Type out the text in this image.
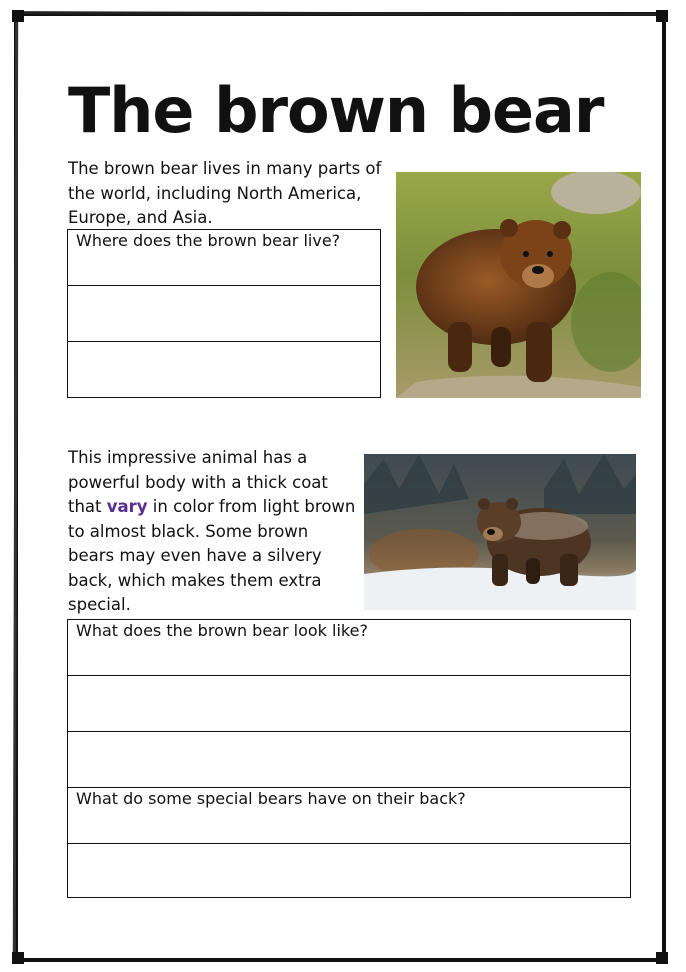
The brown bear
The brown bear lives in many parts of the world, including North America, Europe, and Asia.
Where does the brown bear live?

This impressive animal has a powerful body with a thick coat that vary in color from light brown to almost black. Some brown bears may even have a silvery back, which makes them extra special.
What does the brown bear look like?

What do some special bears have on their back?
